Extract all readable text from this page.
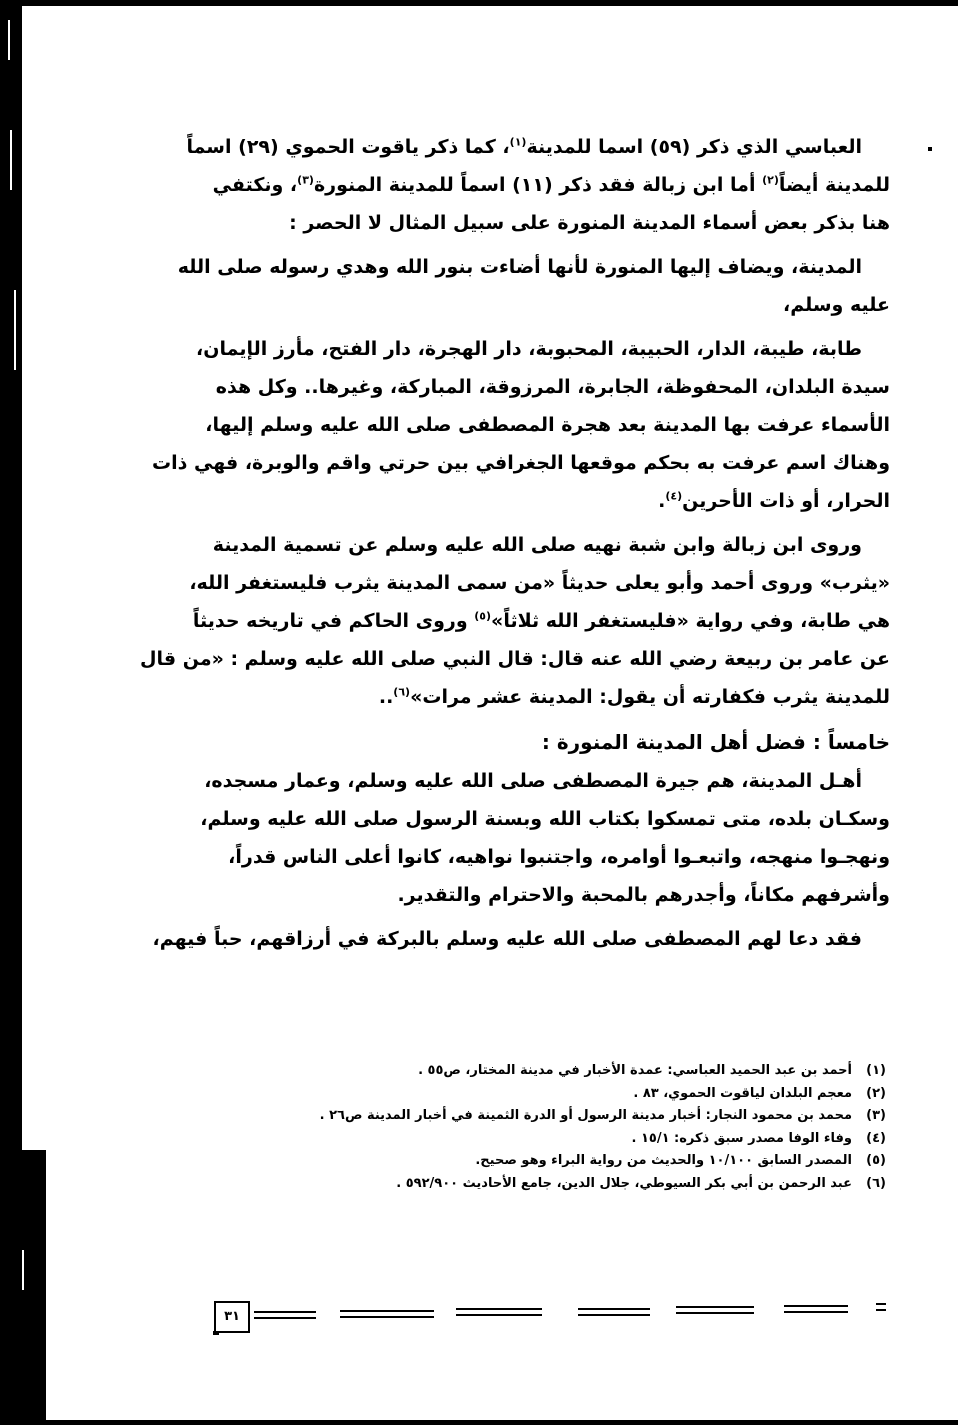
العباسي الذي ذكر (٥٩) اسما للمدينة$^{(١)}$، كما ذكر ياقوت الحموي (٢٩) اسماً
للمدينة أيضاً$^{(٢)}$ أما ابن زبالة فقد ذكر (١١) اسماً للمدينة المنورة$^{(٣)}$، ونكتفي
هنا بذكر بعض أسماء المدينة المنورة على سبيل المثال لا الحصر :
المدينة، ويضاف إليها المنورة لأنها أضاءت بنور الله وهدي رسوله صلى الله
عليه وسلم،
طابة، طيبة، الدار، الحبيبة، المحبوبة، دار الهجرة، دار الفتح، مأرز الإيمان،
سيدة البلدان، المحفوظة، الجابرة، المرزوقة، المباركة، وغيرها.. وكل هذه
الأسماء عرفت بها المدينة بعد هجرة المصطفى صلى الله عليه وسلم إليها،
وهناك اسم عرفت به بحكم موقعها الجغرافي بين حرتي واقم والوبرة، فهي ذات
الحرار، أو ذات الأحرين$^{(٤)}$.
وروى ابن زبالة وابن شبة نهيه صلى الله عليه وسلم عن تسمية المدينة
«يثرب» وروى أحمد وأبو يعلى حديثاً «من سمى المدينة يثرب فليستغفر الله،
هي طابة، وفي رواية «فليستغفر الله ثلاثاً»$^{(٥)}$ وروى الحاكم في تاريخه حديثاً
عن عامر بن ربيعة رضي الله عنه قال: قال النبي صلى الله عليه وسلم : «من قال
للمدينة يثرب فكفارته أن يقول: المدينة عشر مرات»$^{(٦)}$..
خامساً : فضل أهل المدينة المنورة :
أهـل المدينة، هم جيرة المصطفى صلى الله عليه وسلم، وعمار مسجده،
وسكـان بلده، متى تمسكوا بكتاب الله وبسنة الرسول صلى الله عليه وسلم،
ونهجـوا منهجه، واتبعـوا أوامره، واجتنبوا نواهيه، كانوا أعلى الناس قدراً،
وأشرفهم مكاناً، وأجدرهم بالمحبة والاحترام والتقدير.
فقد دعا لهم المصطفى صلى الله عليه وسلم بالبركة في أرزاقهم، حباً فيهم،
(١)أحمد بن عبد الحميد العباسي: عمدة الأخبار في مدينة المختار، ص٥٥ .
(٢)معجم البلدان لياقوت الحموي، ٨٣ .
(٣)محمد بن محمود النجار: أخبار مدينة الرسول أو الدرة الثمينة في أخبار المدينة ص٢٦ .
(٤)وفاء الوفا مصدر سبق ذكره: ١٥/١ .
(٥)المصدر السابق ١٠/١٠٠ والحديث من رواية البراء وهو صحيح.
(٦)عبد الرحمن بن أبي بكر السيوطي، جلال الدين، جامع الأحاديث ٥٩٢/٩٠٠ .
٣١
